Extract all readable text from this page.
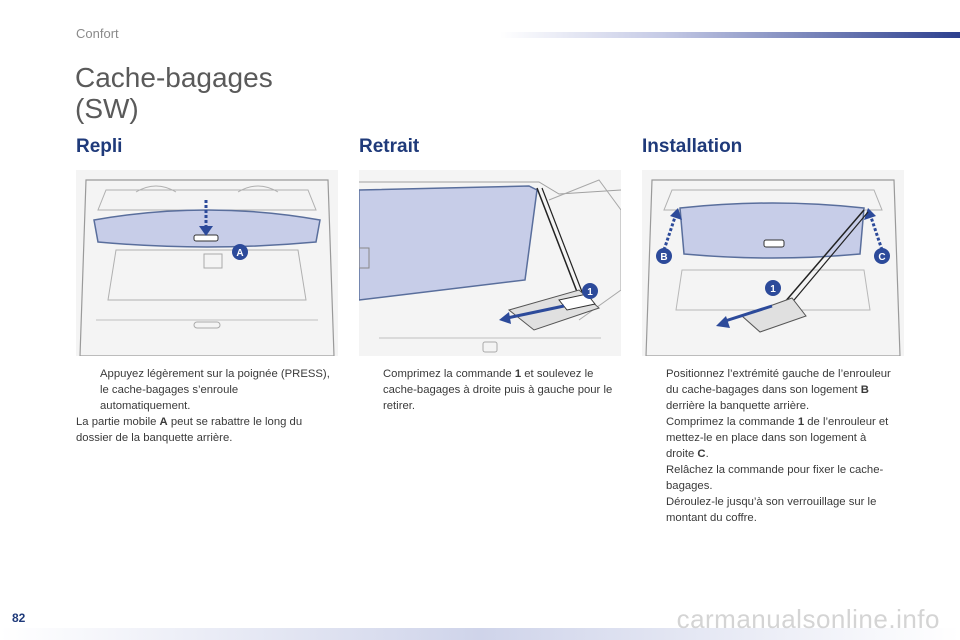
Confort
Cache-bagages
(SW)
Repli
A

Appuyez légèrement sur la poignée (PRESS), le cache-bagages s’enroule automatiquement.

La partie mobile A peut se rabattre le long du dossier de la banquette arrière.

Retrait
1

Comprimez la commande 1 et soulevez le cache-bagages à droite puis à gauche pour le retirer.

Installation
B	C
1

Positionnez l’extrémité gauche de l’enrouleur du cache-bagages dans son logement B derrière la banquette arrière.

Comprimez la commande 1 de l’enrouleur et mettez-le en place dans son logement à droite C.

Relâchez la commande pour fixer le cache-bagages.

Déroulez-le jusqu’à son verrouillage sur le montant du coffre.

82	carmanualsonline.info
